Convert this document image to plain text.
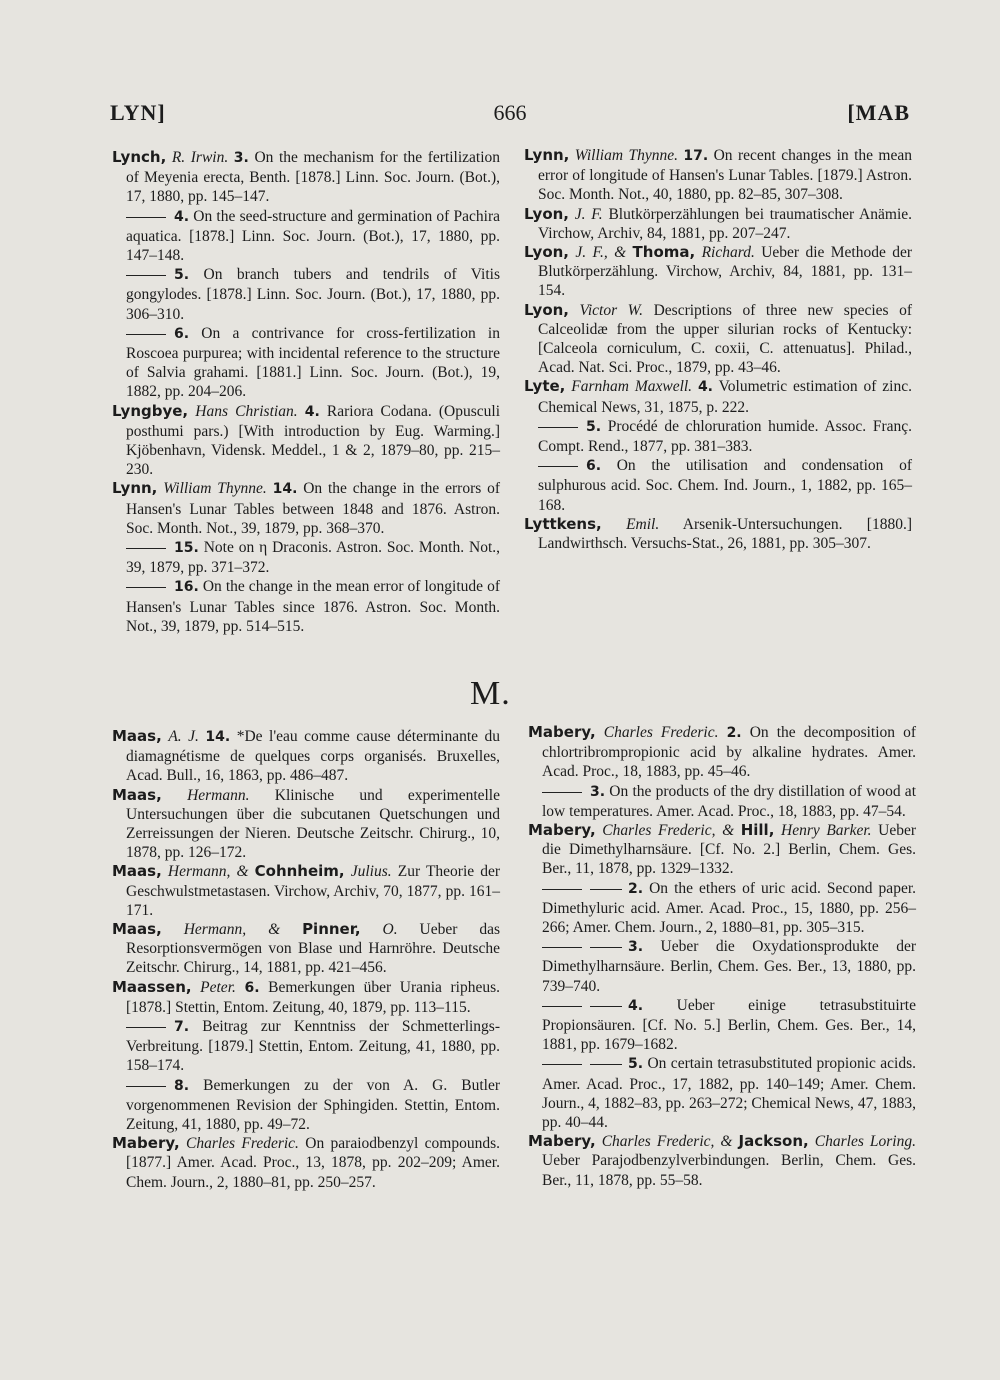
LYN]	666	[MAB
Lynch, R. Irwin. 3. On the mechanism for the fertilization of Meyenia erecta, Benth. [1878.] Linn. Soc. Journ. (Bot.), 17, 1880, pp. 145–147.
4. On the seed-structure and germination of Pachira aquatica. [1878.] Linn. Soc. Journ. (Bot.), 17, 1880, pp. 147–148.
5. On branch tubers and tendrils of Vitis gongylodes. [1878.] Linn. Soc. Journ. (Bot.), 17, 1880, pp. 306–310.
6. On a contrivance for cross-fertilization in Roscoea purpurea; with incidental reference to the structure of Salvia grahami. [1881.] Linn. Soc. Journ. (Bot.), 19, 1882, pp. 204–206.
Lyngbye, Hans Christian. 4. Rariora Codana. (Opusculi posthumi pars.) [With introduction by Eug. Warming.] Kjöbenhavn, Vidensk. Meddel., 1 & 2, 1879–80, pp. 215–230.
Lynn, William Thynne. 14. On the change in the errors of Hansen's Lunar Tables between 1848 and 1876. Astron. Soc. Month. Not., 39, 1879, pp. 368–370.
15. Note on η Draconis. Astron. Soc. Month. Not., 39, 1879, pp. 371–372.
16. On the change in the mean error of longitude of Hansen's Lunar Tables since 1876. Astron. Soc. Month. Not., 39, 1879, pp. 514–515.
Lynn, William Thynne. 17. On recent changes in the mean error of longitude of Hansen's Lunar Tables. [1879.] Astron. Soc. Month. Not., 40, 1880, pp. 82–85, 307–308.
Lyon, J. F. Blutkörperzählungen bei traumatischer Anämie. Virchow, Archiv, 84, 1881, pp. 207–247.
Lyon, J. F., & Thoma, Richard. Ueber die Methode der Blutkörperzählung. Virchow, Archiv, 84, 1881, pp. 131–154.
Lyon, Victor W. Descriptions of three new species of Calceolidæ from the upper silurian rocks of Kentucky: [Calceola corniculum, C. coxii, C. attenuatus]. Philad., Acad. Nat. Sci. Proc., 1879, pp. 43–46.
Lyte, Farnham Maxwell. 4. Volumetric estimation of zinc. Chemical News, 31, 1875, p. 222.
5. Procédé de chloruration humide. Assoc. Franç. Compt. Rend., 1877, pp. 381–383.
6. On the utilisation and condensation of sulphurous acid. Soc. Chem. Ind. Journ., 1, 1882, pp. 165–168.
Lyttkens, Emil. Arsenik-Untersuchungen. [1880.] Landwirthsch. Versuchs-Stat., 26, 1881, pp. 305–307.
M.
Maas, A. J. 14. *De l'eau comme cause déterminante du diamagnétisme de quelques corps organisés. Bruxelles, Acad. Bull., 16, 1863, pp. 486–487.
Maas, Hermann. Klinische und experimentelle Untersuchungen über die subcutanen Quetschungen und Zerreissungen der Nieren. Deutsche Zeitschr. Chirurg., 10, 1878, pp. 126–172.
Maas, Hermann, & Cohnheim, Julius. Zur Theorie der Geschwulstmetastasen. Virchow, Archiv, 70, 1877, pp. 161–171.
Maas, Hermann, & Pinner, O. Ueber das Resorptionsvermögen von Blase und Harnröhre. Deutsche Zeitschr. Chirurg., 14, 1881, pp. 421–456.
Maassen, Peter. 6. Bemerkungen über Urania ripheus. [1878.] Stettin, Entom. Zeitung, 40, 1879, pp. 113–115.
7. Beitrag zur Kenntniss der Schmetterlings-Verbreitung. [1879.] Stettin, Entom. Zeitung, 41, 1880, pp. 158–174.
8. Bemerkungen zu der von A. G. Butler vorgenommenen Revision der Sphingiden. Stettin, Entom. Zeitung, 41, 1880, pp. 49–72.
Mabery, Charles Frederic. On paraiodbenzyl compounds. [1877.] Amer. Acad. Proc., 13, 1878, pp. 202–209; Amer. Chem. Journ., 2, 1880–81, pp. 250–257.
Mabery, Charles Frederic. 2. On the decomposition of chlortribrompropionic acid by alkaline hydrates. Amer. Acad. Proc., 18, 1883, pp. 45–46.
3. On the products of the dry distillation of wood at low temperatures. Amer. Acad. Proc., 18, 1883, pp. 47–54.
Mabery, Charles Frederic, & Hill, Henry Barker. Ueber die Dimethylharnsäure. [Cf. No. 2.] Berlin, Chem. Ges. Ber., 11, 1878, pp. 1329–1332.
2. On the ethers of uric acid. Second paper. Dimethyluric acid. Amer. Acad. Proc., 15, 1880, pp. 256–266; Amer. Chem. Journ., 2, 1880–81, pp. 305–315.
3. Ueber die Oxydationsprodukte der Dimethylharnsäure. Berlin, Chem. Ges. Ber., 13, 1880, pp. 739–740.
4. Ueber einige tetrasubstituirte Propionsäuren. [Cf. No. 5.] Berlin, Chem. Ges. Ber., 14, 1881, pp. 1679–1682.
5. On certain tetrasubstituted propionic acids. Amer. Acad. Proc., 17, 1882, pp. 140–149; Amer. Chem. Journ., 4, 1882–83, pp. 263–272; Chemical News, 47, 1883, pp. 40–44.
Mabery, Charles Frederic, & Jackson, Charles Loring. Ueber Parajodbenzylverbindungen. Berlin, Chem. Ges. Ber., 11, 1878, pp. 55–58.
